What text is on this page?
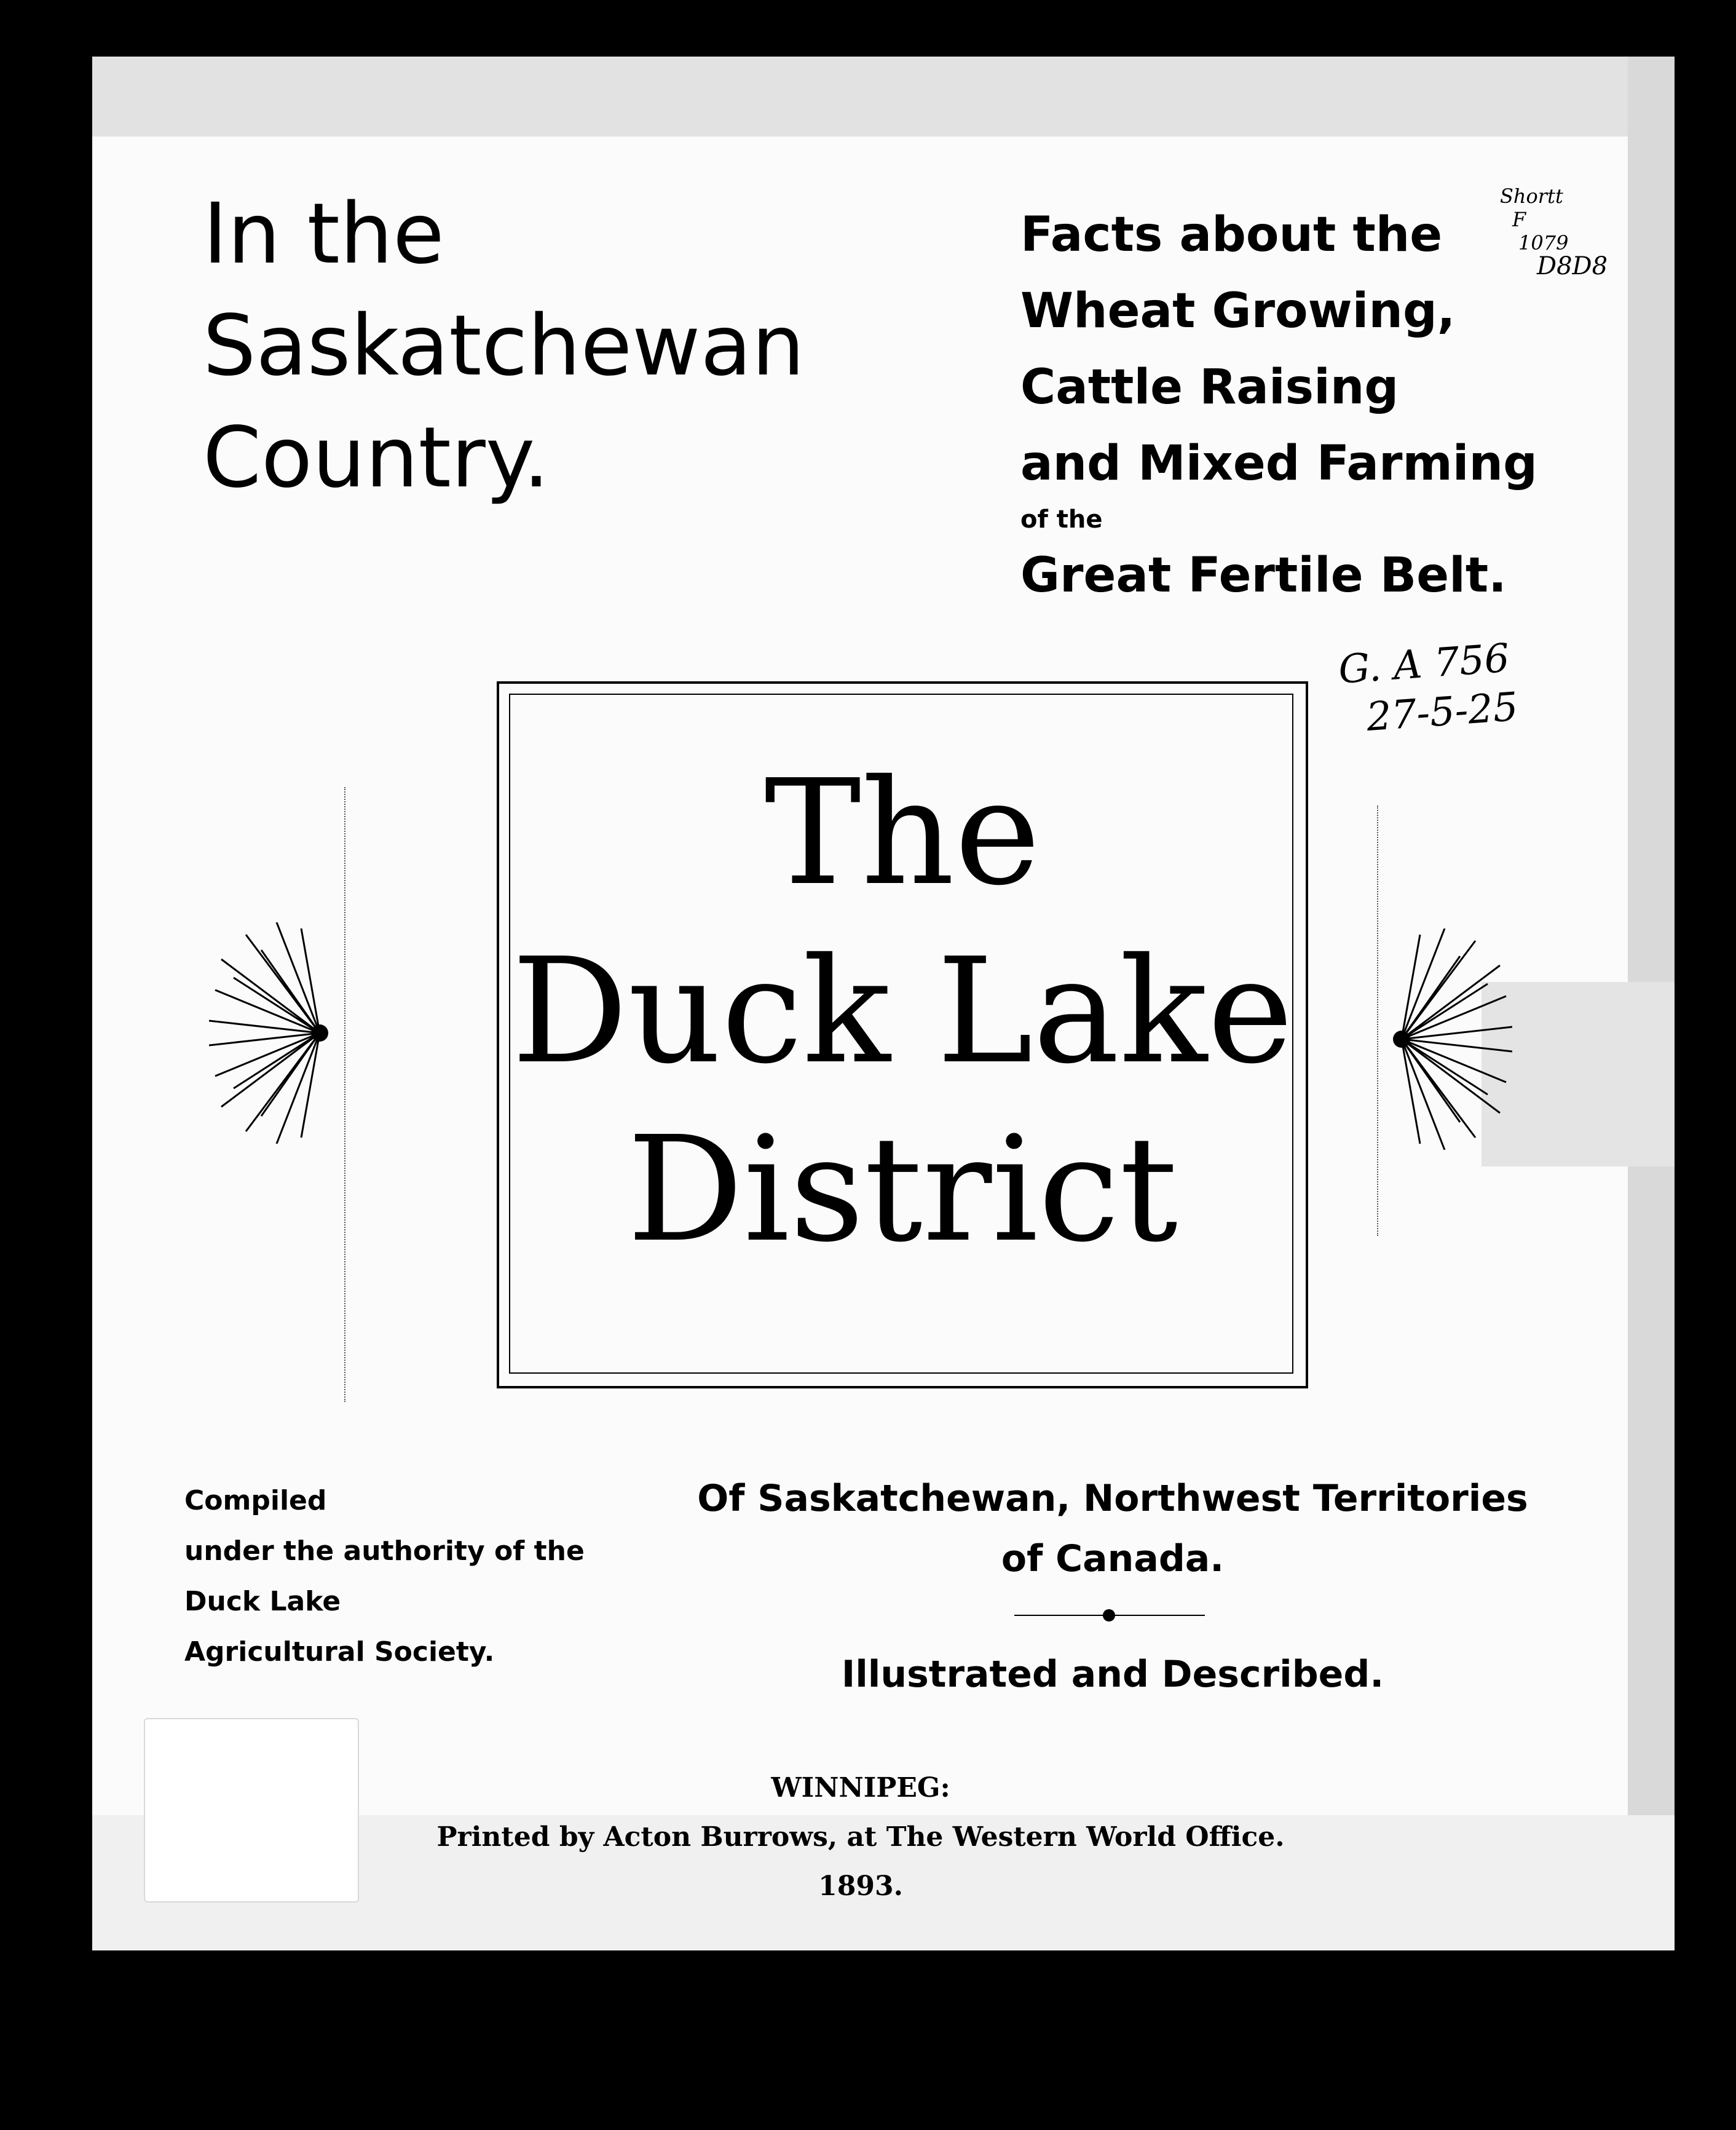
In the
Saskatchewan
Country.
Facts about the
Wheat Growing,
Cattle Raising
and Mixed Farming
of the
Great Fertile Belt.
Shortt
F
1079
D8D8
G. A 756
27-5-25
The
Duck Lake
District
Compiled
under the authority of the
Duck Lake
Agricultural Society.
Of Saskatchewan, Northwest Territories
of Canada.
Illustrated and Described.
WINNIPEG:
Printed by Acton Burrows, at The Western World Office.
1893.
